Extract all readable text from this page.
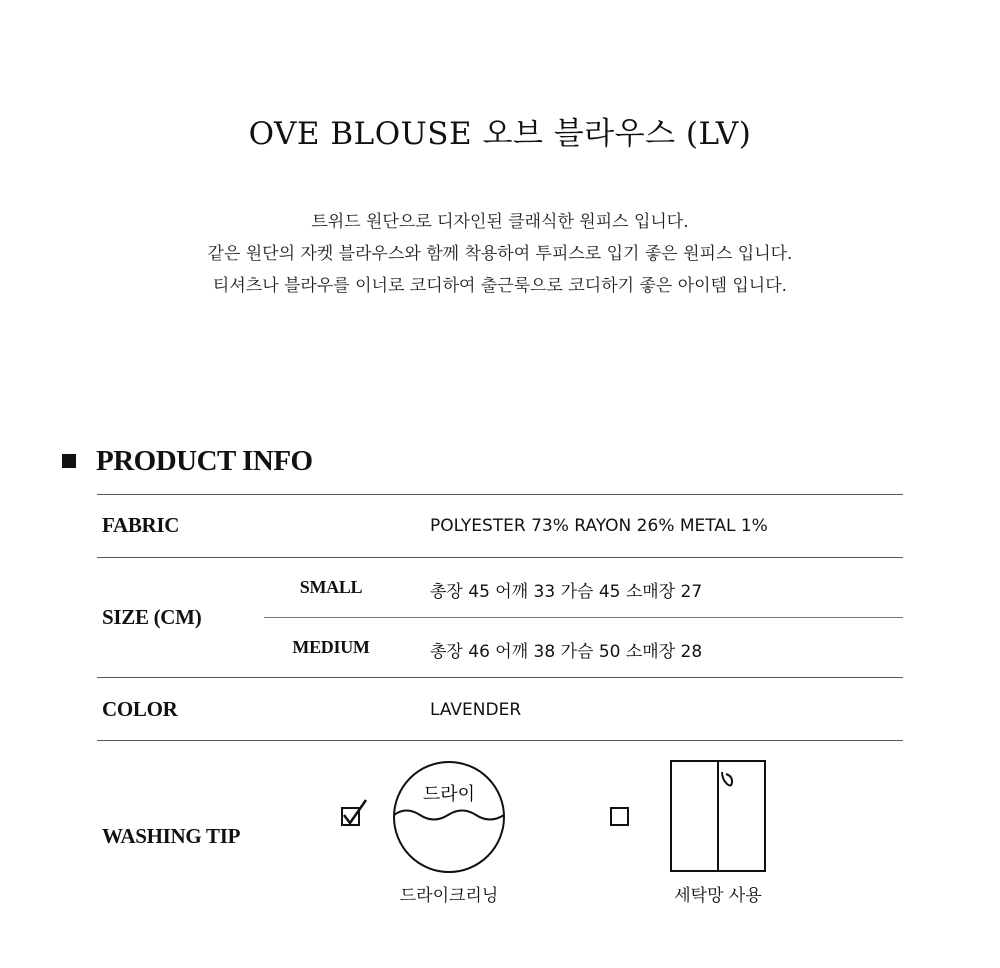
OVE BLOUSE 오브 블라우스 (LV)
트위드 원단으로 디자인된 클래식한 원피스 입니다.
같은 원단의 자켓 블라우스와 함께 착용하여 투피스로 입기 좋은 원피스 입니다.
티셔츠나 블라우를 이너로 코디하여 출근룩으로 코디하기 좋은 아이템 입니다.
PRODUCT INFO
FABRIC	POLYESTER 73% RAYON 26% METAL 1%
SIZE (CM)
SMALL	총장 45 어깨 33 가슴 45 소매장 27
MEDIUM	총장 46 어깨 38 가슴 50 소매장 28
COLOR	LAVENDER
WASHING TIP
드라이
드라이크리닝	세탁망 사용
